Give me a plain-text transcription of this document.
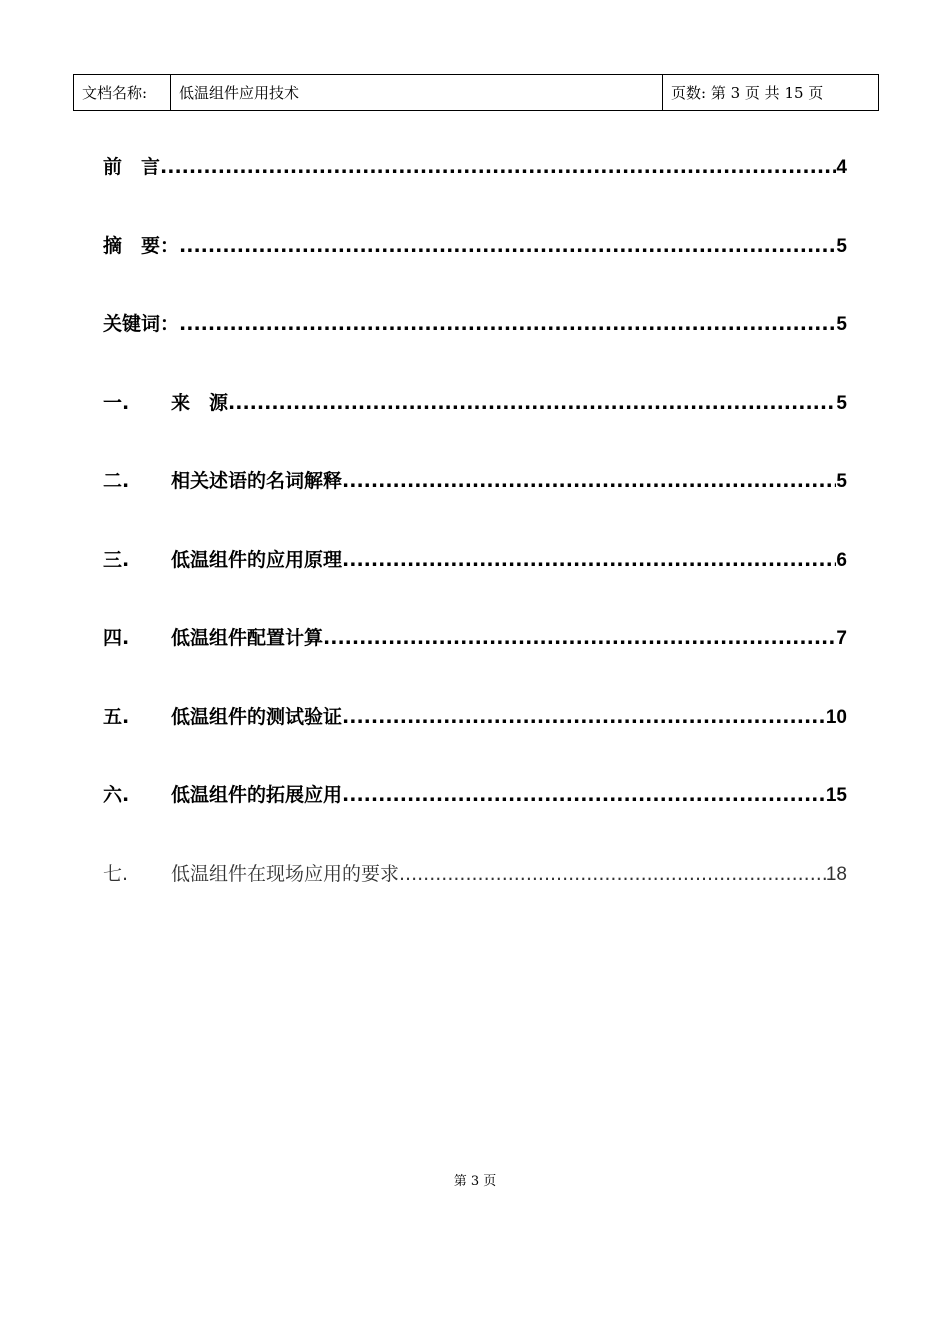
文档名称:	低温组件应用技术	页数: 第 3 页 共 15 页
前　言 .....	4
摘　要： .....	5
关键词： .....	5
一.	来　源 .....	5
二.	相关述语的名词解释 .....	5
三.	低温组件的应用原理 .....	6
四.	低温组件配置计算 .....	7
五.	低温组件的测试验证 .....	10
六.	低温组件的拓展应用 .....	15
七.	低温组件在现场应用的要求 .....	18
第 3 页
